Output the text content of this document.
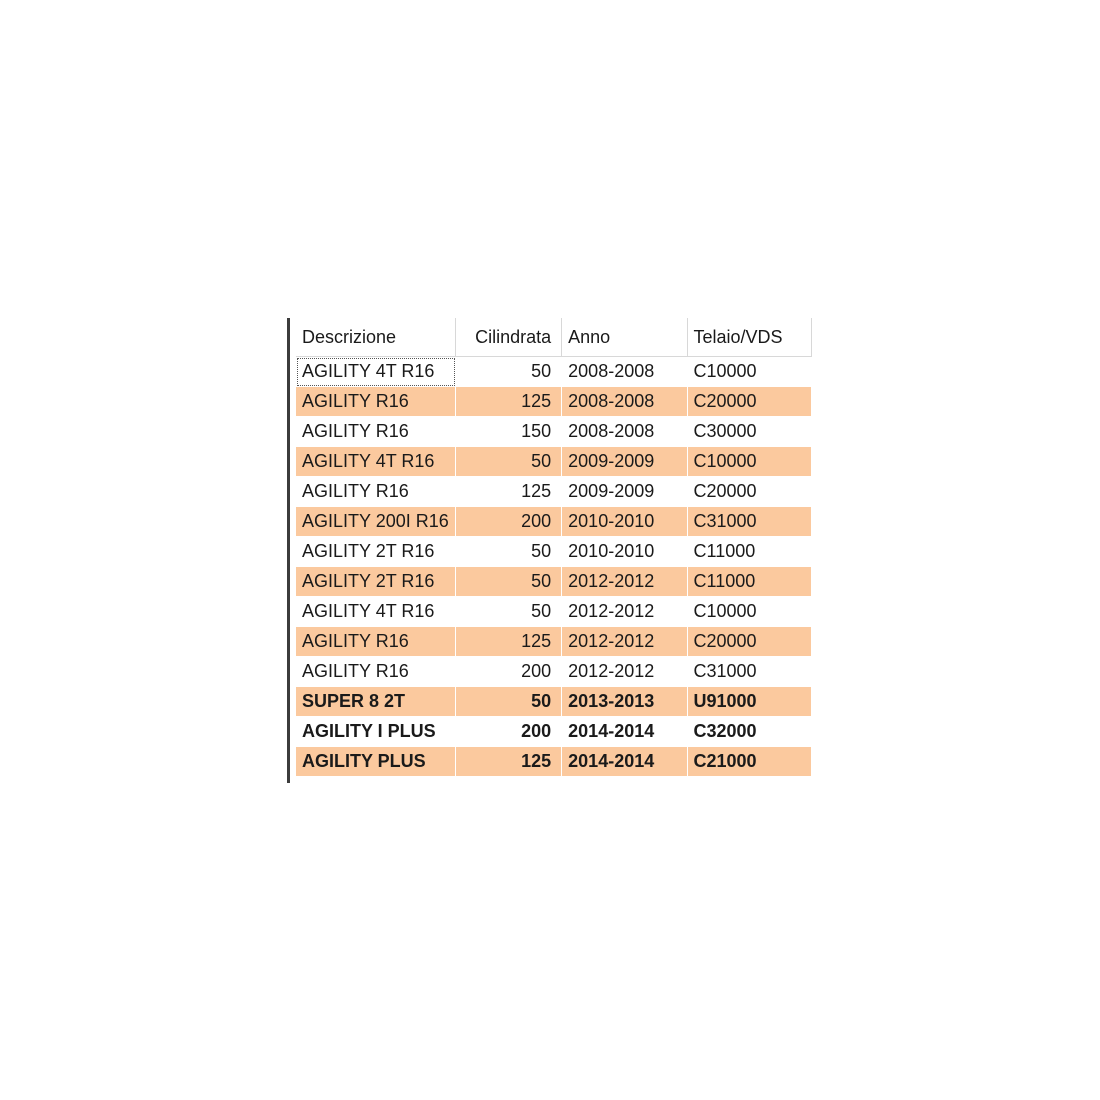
Descrizione	Cilindrata	Anno	Telaio/VDS
AGILITY 4T R16	50	2008-2008	C10000
AGILITY R16	125	2008-2008	C20000
AGILITY R16	150	2008-2008	C30000
AGILITY 4T R16	50	2009-2009	C10000
AGILITY R16	125	2009-2009	C20000
AGILITY 200I R16	200	2010-2010	C31000
AGILITY 2T R16	50	2010-2010	C11000
AGILITY 2T R16	50	2012-2012	C11000
AGILITY 4T R16	50	2012-2012	C10000
AGILITY R16	125	2012-2012	C20000
AGILITY R16	200	2012-2012	C31000
SUPER 8 2T	50	2013-2013	U91000
AGILITY I PLUS	200	2014-2014	C32000
AGILITY PLUS	125	2014-2014	C21000
